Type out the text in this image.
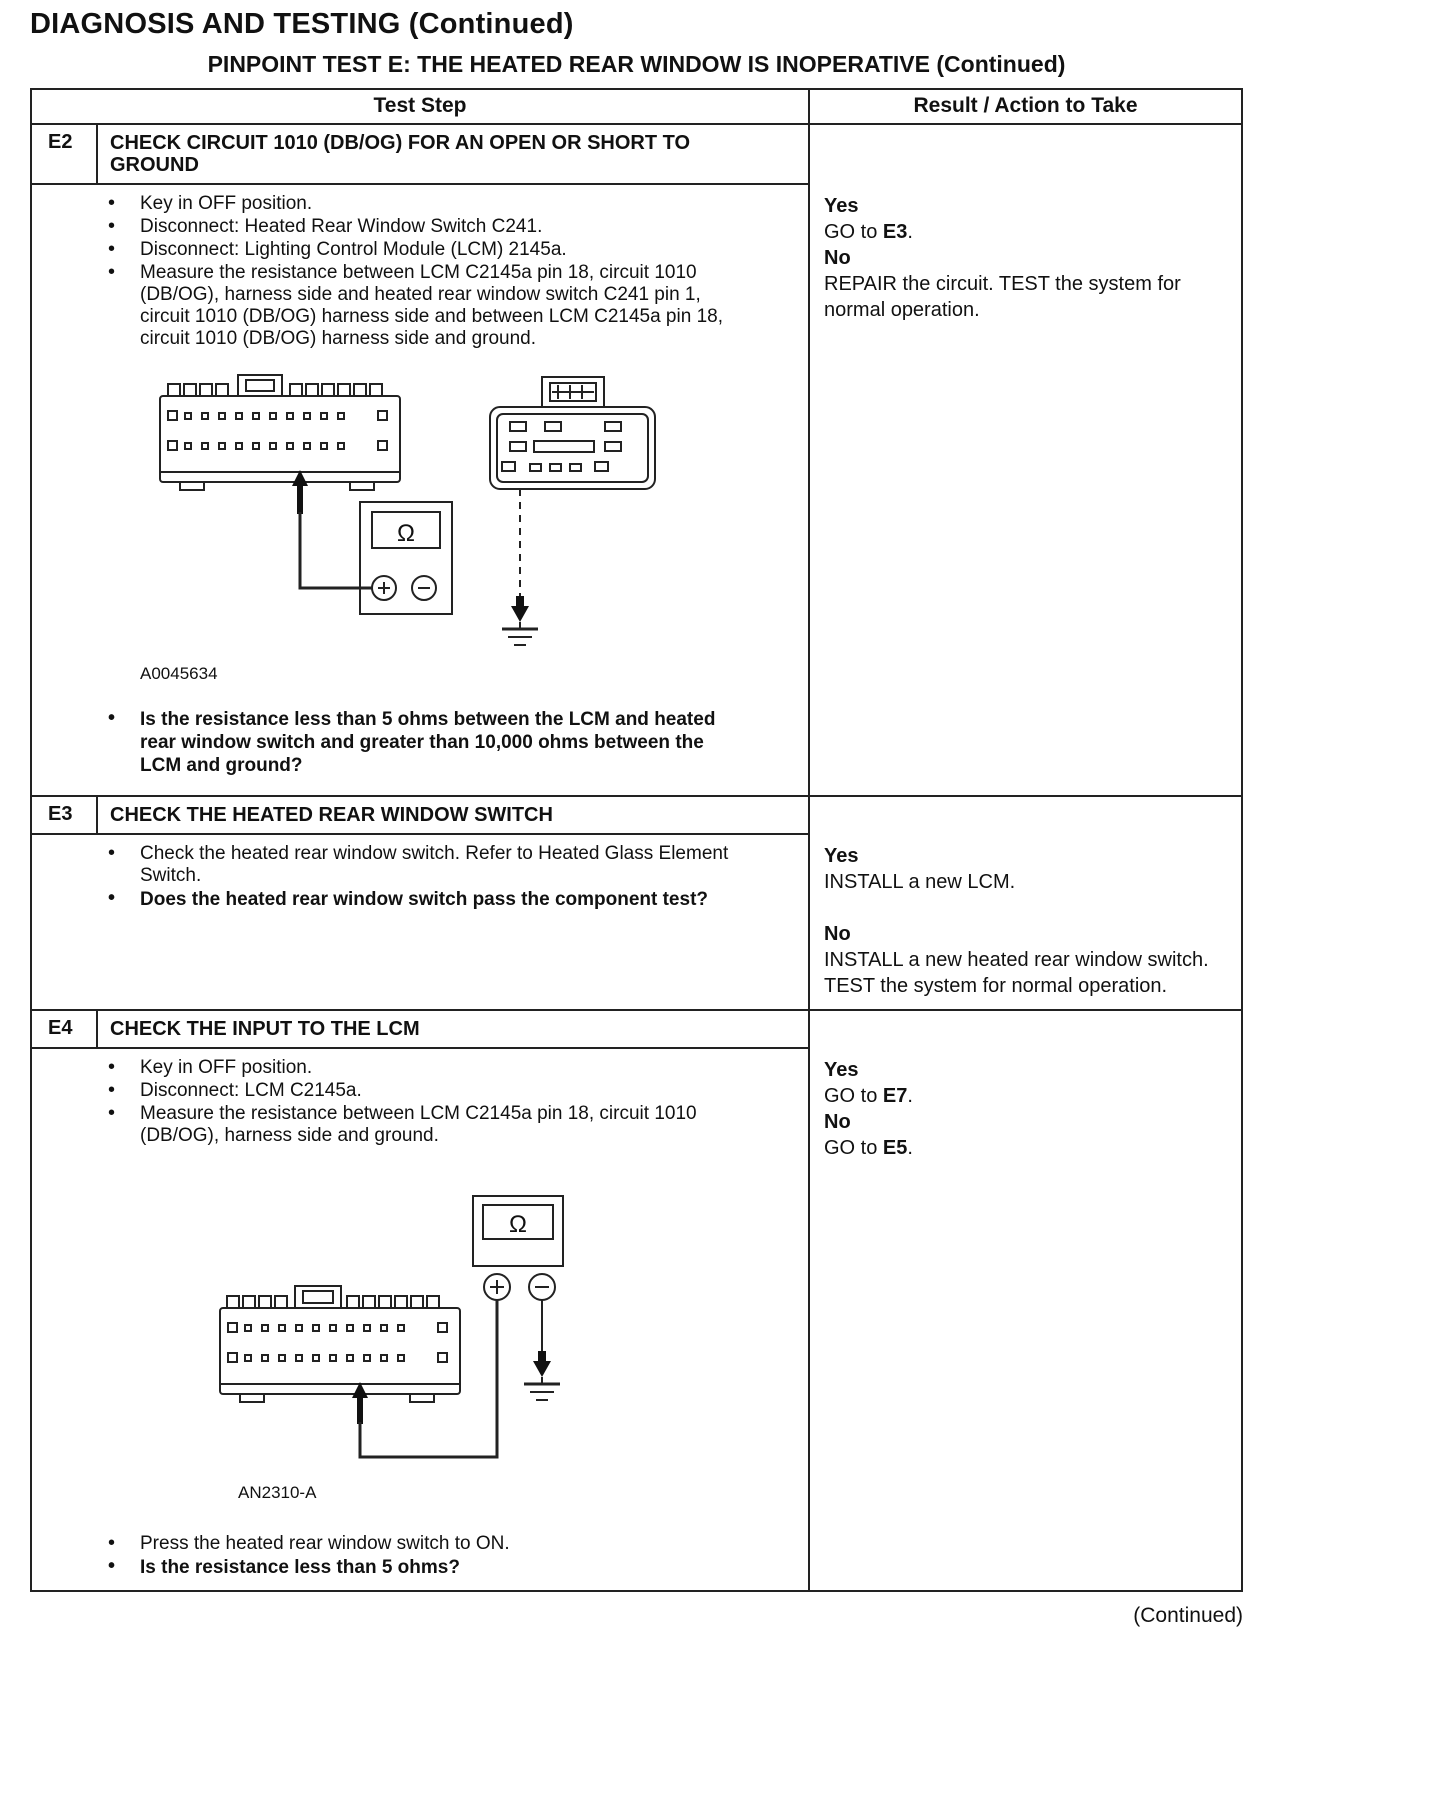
DIAGNOSIS AND TESTING (Continued)
PINPOINT TEST E: THE HEATED REAR WINDOW IS INOPERATIVE (Continued)
Test Step	Result / Action to Take
E2	CHECK CIRCUIT 1010 (DB/OG) FOR AN OPEN OR SHORT TO GROUND
• Key in OFF position.
• Disconnect: Heated Rear Window Switch C241.
• Disconnect: Lighting Control Module (LCM) 2145a.
• Measure the resistance between LCM C2145a pin 18, circuit 1010 (DB/OG), harness side and heated rear window switch C241 pin 1, circuit 1010 (DB/OG) harness side and between LCM C2145a pin 18, circuit 1010 (DB/OG) harness side and ground.
Ω
A0045634
• Is the resistance less than 5 ohms between the LCM and heated rear window switch and greater than 10,000 ohms between the LCM and ground?
Yes
GO to E3.
No
REPAIR the circuit. TEST the system for normal operation.
E3	CHECK THE HEATED REAR WINDOW SWITCH
• Check the heated rear window switch. Refer to Heated Glass Element Switch.
• Does the heated rear window switch pass the component test?
Yes
INSTALL a new LCM.
No
INSTALL a new heated rear window switch. TEST the system for normal operation.
E4	CHECK THE INPUT TO THE LCM
• Key in OFF position.
• Disconnect: LCM C2145a.
• Measure the resistance between LCM C2145a pin 18, circuit 1010 (DB/OG), harness side and ground.
Ω
AN2310-A
• Press the heated rear window switch to ON.
• Is the resistance less than 5 ohms?
Yes
GO to E7.
No
GO to E5.
(Continued)
